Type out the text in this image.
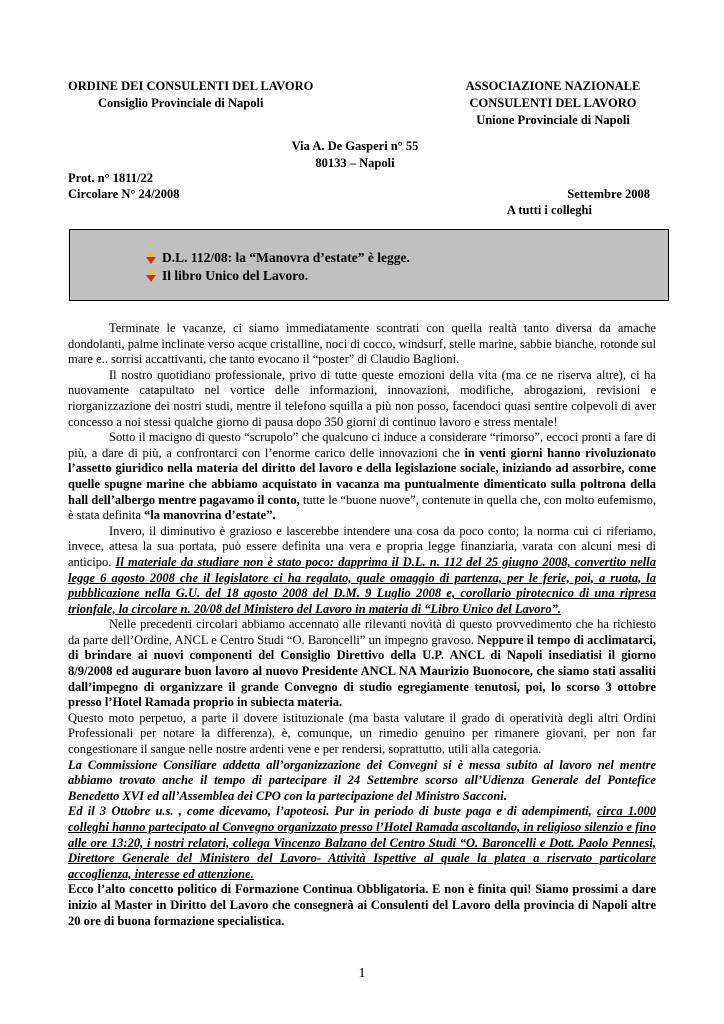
ORDINE DEI CONSULENTI DEL LAVORO
Consiglio Provinciale di Napoli
ASSOCIAZIONE NAZIONALE
CONSULENTI DEL LAVORO
Unione Provinciale di Napoli
Via A. De Gasperi n° 55
80133 – Napoli
Prot. n° 1811/22
Circolare N° 24/2008	Settembre 2008
A tutti i colleghi
D.L. 112/08: la “Manovra d’estate” è legge.
Il libro Unico del Lavoro.

Terminate le vacanze, ci siamo immediatamente scontrati con quella realtà tanto diversa da amache dondolanti, palme inclinate verso acque cristalline, noci di cocco, windsurf, stelle marine, sabbie bianche, rotonde sul mare e.. sorrisi accattivanti, che tanto evocano il “poster” di Claudio Baglioni.

Il nostro quotidiano professionale, privo di tutte queste emozioni della vita (ma ce ne riserva altre), ci ha nuovamente catapultato nel vortice delle informazioni, innovazioni, modifiche, abrogazioni, revisioni e riorganizzazione dei nostri studi, mentre il telefono squilla a più non posso, facendoci quasi sentire colpevoli di aver concesso a noi stessi qualche giorno di pausa dopo 350 giorni di continuo lavoro e stress mentale!

Sotto il macigno di questo “scrupolo” che qualcuno ci induce a considerare “rimorso”, eccoci pronti a fare di più, a dare di più, a confrontarci con l’enorme carico delle innovazioni che in venti giorni hanno rivoluzionato l’assetto giuridico nella materia del diritto del lavoro e della legislazione sociale, iniziando ad assorbire, come quelle spugne marine che abbiamo acquistato in vacanza ma puntualmente dimenticato sulla poltrona della hall dell’albergo mentre pagavamo il conto, tutte le “buone nuove”, contenute in quella che, con molto eufemismo, è stata definita “la manovrina d’estate”.

Invero, il diminutivo è grazioso e lascerebbe intendere una cosa da poco conto; la norma cui ci riferiamo, invece, attesa la sua portata, può essere definita una vera e propria legge finanziaria, varata con alcuni mesi di anticipo. Il materiale da studiare non è stato poco: dapprima il D.L. n. 112 del 25 giugno 2008, convertito nella legge 6 agosto 2008 che il legislatore ci ha regalato, quale omaggio di partenza, per le ferie, poi, a ruota, la pubblicazione nella G.U. del 18 agosto 2008 del D.M. 9 Luglio 2008 e, corollario pirotecnico di una ripresa trionfale, la circolare n. 20/08 del Ministero del Lavoro in materia di “Libro Unico del Lavoro”.

Nelle precedenti circolari abbiamo accennato alle rilevanti novità di questo provvedimento che ha richiesto da parte dell’Ordine, ANCL e Centro Studi “O. Baroncelli” un impegno gravoso. Neppure il tempo di acclimatarci, di brindare ai nuovi componenti del Consiglio Direttivo della U.P. ANCL di Napoli insediatisi il giorno 8/9/2008 ed augurare buon lavoro al nuovo Presidente ANCL NA Maurizio Buonocore, che siamo stati assaliti dall’impegno di organizzare il grande Convegno di studio egregiamente tenutosi, poi, lo scorso 3 ottobre presso l’Hotel Ramada proprio in subiecta materia.

Questo moto perpetuo, a parte il dovere istituzionale (ma basta valutare il grado di operatività degli altri Ordini Professionali per notare la differenza), è, comunque, un rimedio genuino per rimanere giovani, per non far congestionare il sangue nelle nostre ardenti vene e per rendersi, soprattutto, utili alla categoria.

La Commissione Consiliare addetta all’organizzazione dei Convegni si è messa subito al lavoro nel mentre abbiamo trovato anche il tempo di partecipare il 24 Settembre scorso all’Udienza Generale del Pontefice Benedetto XVI ed all’Assemblea dei CPO con la partecipazione del Ministro Sacconi.

Ed il 3 Ottobre u.s. , come dicevamo, l’apoteosi. Pur in periodo di buste paga e di adempimenti, circa 1.000 colleghi hanno partecipato al Convegno organizzato presso l’Hotel Ramada ascoltando, in religioso silenzio e fino alle ore 13:20, i nostri relatori, collega Vincenzo Balzano del Centro Studi “O. Baroncelli e Dott. Paolo Pennesi, Direttore Generale del Ministero del Lavoro- Attività Ispettive al quale la platea a riservato particolare accoglienza, interesse ed attenzione.

Ecco l’alto concetto politico di Formazione Continua Obbligatoria. E non è finita qui! Siamo prossimi a dare inizio al Master in Diritto del Lavoro che consegnerà ai Consulenti del Lavoro della provincia di Napoli altre 20 ore di buona formazione specialistica.

1
